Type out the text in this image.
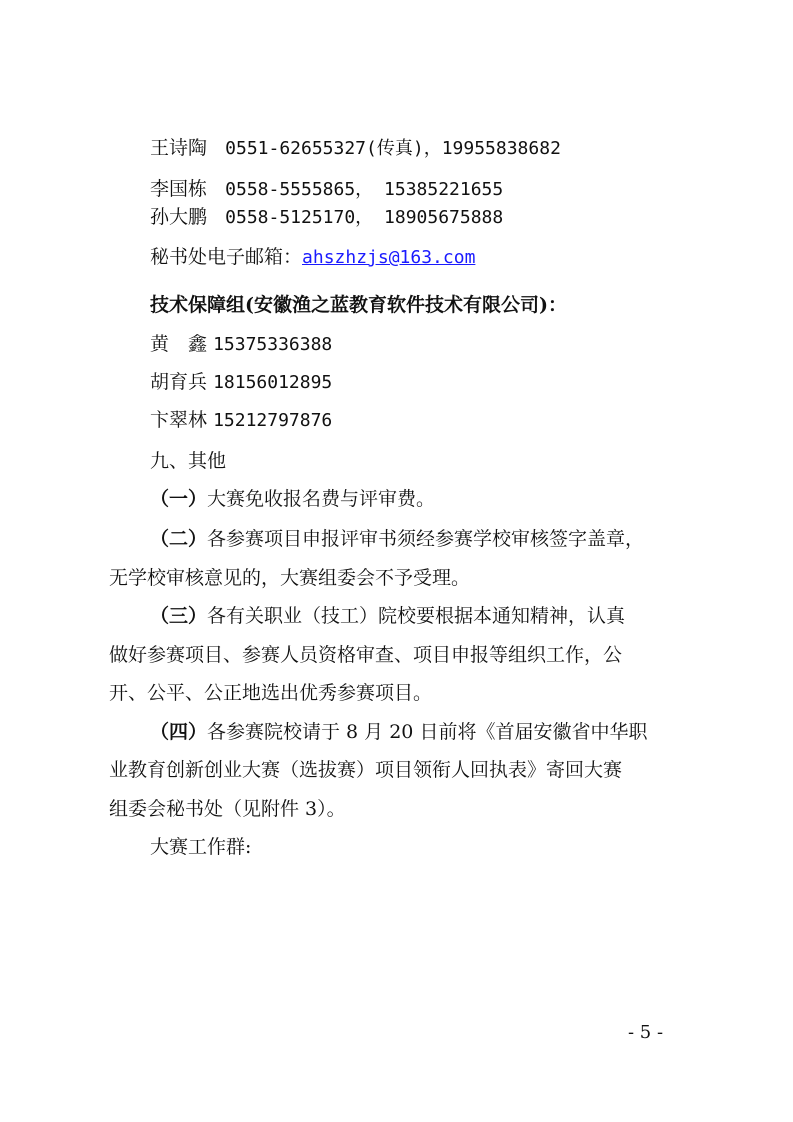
王诗陶 0551-62655327(传真)，19955838682
李国栋 0558-5555865， 15385221655
孙大鹏 0558-5125170， 18905675888
秘书处电子邮箱：ahszhzjs@163.com
技术保障组(安徽渔之蓝教育软件技术有限公司)：
黄　鑫 15375336388
胡育兵 18156012895
卞翠林 15212797876
九、其他
（一）大赛免收报名费与评审费。
（二）各参赛项目申报评审书须经参赛学校审核签字盖章，
无学校审核意见的，大赛组委会不予受理。
（三）各有关职业（技工）院校要根据本通知精神，认真
做好参赛项目、参赛人员资格审查、项目申报等组织工作，公
开、公平、公正地选出优秀参赛项目。
（四）各参赛院校请于 8 月 20 日前将《首届安徽省中华职
业教育创新创业大赛（选拔赛）项目领衔人回执表》寄回大赛
组委会秘书处（见附件 3）。
大赛工作群:
- 5 -
